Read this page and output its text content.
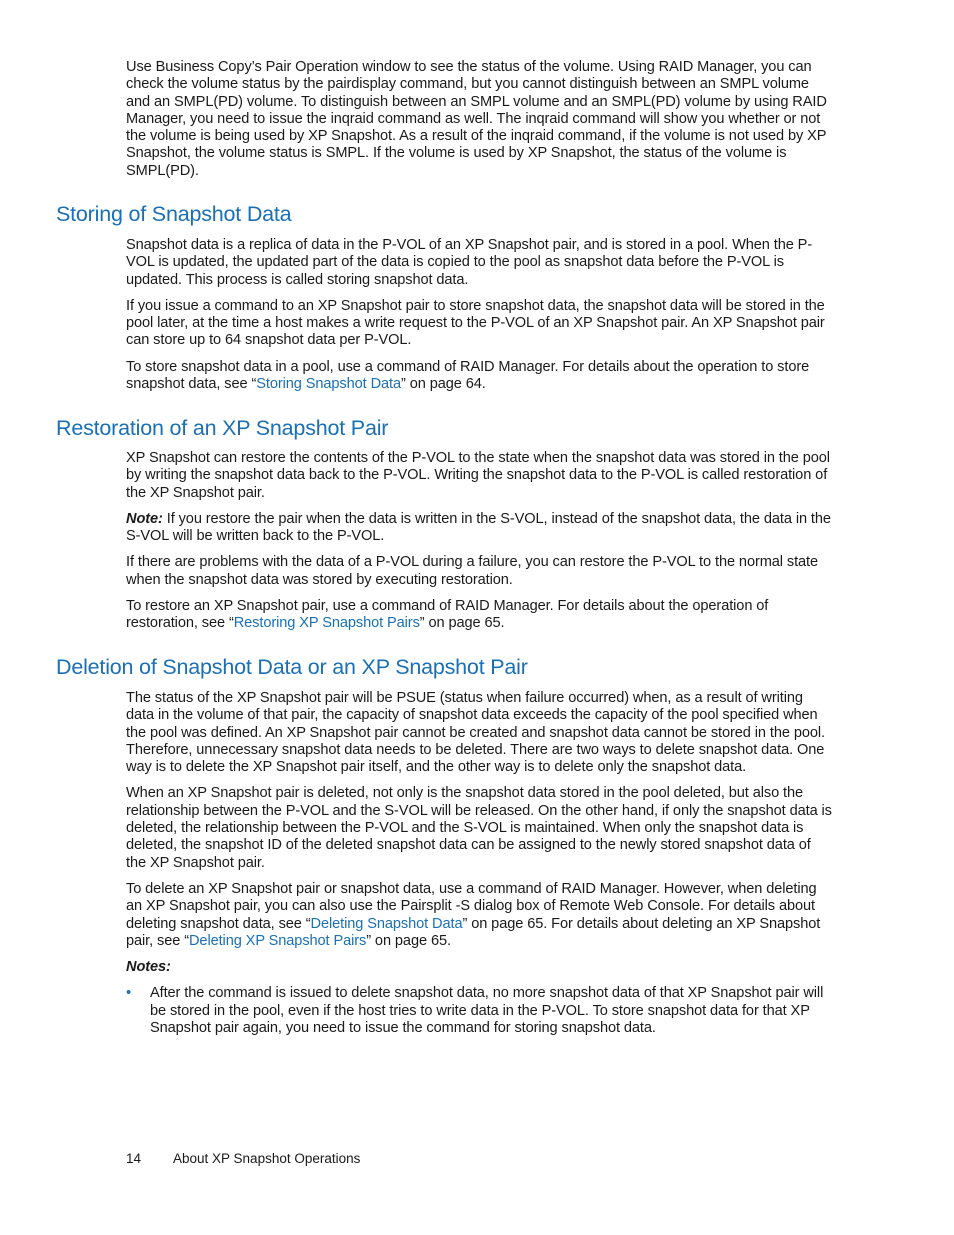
Use Business Copy’s Pair Operation window to see the status of the volume. Using RAID Manager, you can check the volume status by the pairdisplay command, but you cannot distinguish between an SMPL volume and an SMPL(PD) volume. To distinguish between an SMPL volume and an SMPL(PD) volume by using RAID Manager, you need to issue the inqraid command as well. The inqraid command will show you whether or not the volume is being used by XP Snapshot. As a result of the inqraid command, if the volume is not used by XP Snapshot, the volume status is SMPL. If the volume is used by XP Snapshot, the status of the volume is SMPL(PD).

Storing of Snapshot Data

Snapshot data is a replica of data in the P-VOL of an XP Snapshot pair, and is stored in a pool. When the P-VOL is updated, the updated part of the data is copied to the pool as snapshot data before the P-VOL is updated. This process is called storing snapshot data.

If you issue a command to an XP Snapshot pair to store snapshot data, the snapshot data will be stored in the pool later, at the time a host makes a write request to the P-VOL of an XP Snapshot pair. An XP Snapshot pair can store up to 64 snapshot data per P-VOL.

To store snapshot data in a pool, use a command of RAID Manager. For details about the operation to store snapshot data, see “Storing Snapshot Data” on page 64.

Restoration of an XP Snapshot Pair

XP Snapshot can restore the contents of the P-VOL to the state when the snapshot data was stored in the pool by writing the snapshot data back to the P-VOL. Writing the snapshot data to the P-VOL is called restoration of the XP Snapshot pair.

Note: If you restore the pair when the data is written in the S-VOL, instead of the snapshot data, the data in the S-VOL will be written back to the P-VOL.

If there are problems with the data of a P-VOL during a failure, you can restore the P-VOL to the normal state when the snapshot data was stored by executing restoration.

To restore an XP Snapshot pair, use a command of RAID Manager. For details about the operation of restoration, see “Restoring XP Snapshot Pairs” on page 65.

Deletion of Snapshot Data or an XP Snapshot Pair

The status of the XP Snapshot pair will be PSUE (status when failure occurred) when, as a result of writing data in the volume of that pair, the capacity of snapshot data exceeds the capacity of the pool specified when the pool was defined. An XP Snapshot pair cannot be created and snapshot data cannot be stored in the pool. Therefore, unnecessary snapshot data needs to be deleted. There are two ways to delete snapshot data. One way is to delete the XP Snapshot pair itself, and the other way is to delete only the snapshot data.

When an XP Snapshot pair is deleted, not only is the snapshot data stored in the pool deleted, but also the relationship between the P-VOL and the S-VOL will be released. On the other hand, if only the snapshot data is deleted, the relationship between the P-VOL and the S-VOL is maintained. When only the snapshot data is deleted, the snapshot ID of the deleted snapshot data can be assigned to the newly stored snapshot data of the XP Snapshot pair.

To delete an XP Snapshot pair or snapshot data, use a command of RAID Manager. However, when deleting an XP Snapshot pair, you can also use the Pairsplit -S dialog box of Remote Web Console. For details about deleting snapshot data, see “Deleting Snapshot Data” on page 65. For details about deleting an XP Snapshot pair, see “Deleting XP Snapshot Pairs” on page 65.

Notes:

• After the command is issued to delete snapshot data, no more snapshot data of that XP Snapshot pair will be stored in the pool, even if the host tries to write data in the P-VOL. To store snapshot data for that XP Snapshot pair again, you need to issue the command for storing snapshot data.
14 About XP Snapshot Operations
